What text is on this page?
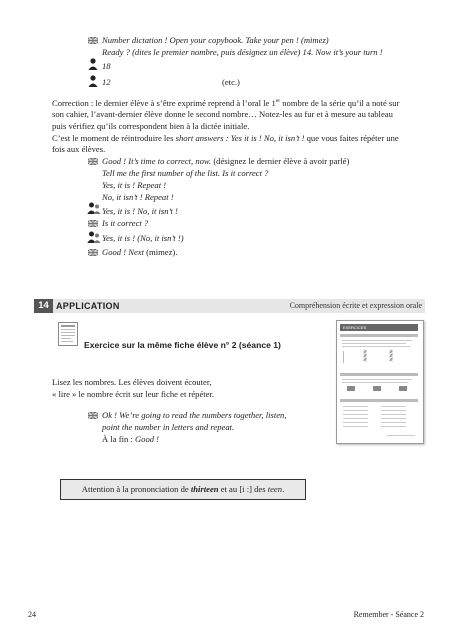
Number dictation ! Open your copybook. Take your pen ! (mimez)
Ready ? (dites le premier nombre, puis désignez un élève) 14. Now it’s your turn !
18
12	(etc.)
Correction : le dernier élève à s’être exprimé reprend à l’oral le 1er nombre de la série qu’il a noté sur
son cahier, l’avant-dernier élève donne le second nombre… Notez-les au fur et à mesure au tableau
puis vérifiez qu’ils correspondent bien à la dictée initiale.
C’est le moment de réintroduire les short answers : Yes it is ! No, it isn’t ! que vous faites répéter une
fois aux élèves.
Good ! It’s time to correct, now. (désignez le dernier élève à avoir parlé)
Tell me the first number of the list. Is it correct ?
Yes, it is ! Repeat !
No, it isn’t ! Repeat !
Yes, it is ! No, it isn’t !
Is it correct ?
Yes, it is ! (No, it isn’t !)
Good ! Next (mimez).
14 APPLICATION	Compréhension écrite et expression orale
Exercice sur la même fiche élève n° 2 (séance 1)
Lisez les nombres. Les élèves doivent écouter,
« lire » le nombre écrit sur leur fiche et répéter.
Ok ! We’re going to read the numbers together, listen,
point the number in letters and repeat.
À la fin : Good !
EXERCICES
≷
≷
≷
≷
≷
≷
Attention à la prononciation de thirteen et au [i :] des teen.
24	Remember - Séance 2
